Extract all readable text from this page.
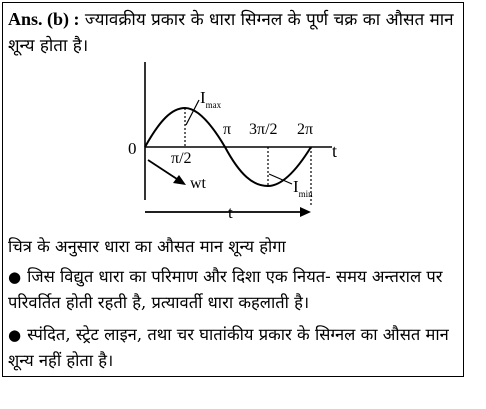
Ans. (b) : ज्यावक्रीय प्रकार के धारा सिग्नल के पूर्ण चक्र का औसत मान शून्य होता है।
0	t
π/2
π 3π/2 2π
wt
t
$I_{max}$
$I_{min}$
चित्र के अनुसार धारा का औसत मान शून्य होगा
● जिस विद्युत धारा का परिमाण और दिशा एक नियत- समय अन्तराल पर परिवर्तित होती रहती है, प्रत्यावर्ती धारा कहलाती है।
● स्पंदित, स्ट्रेट लाइन, तथा चर घातांकीय प्रकार के सिग्नल का औसत मान शून्य नहीं होता है।
